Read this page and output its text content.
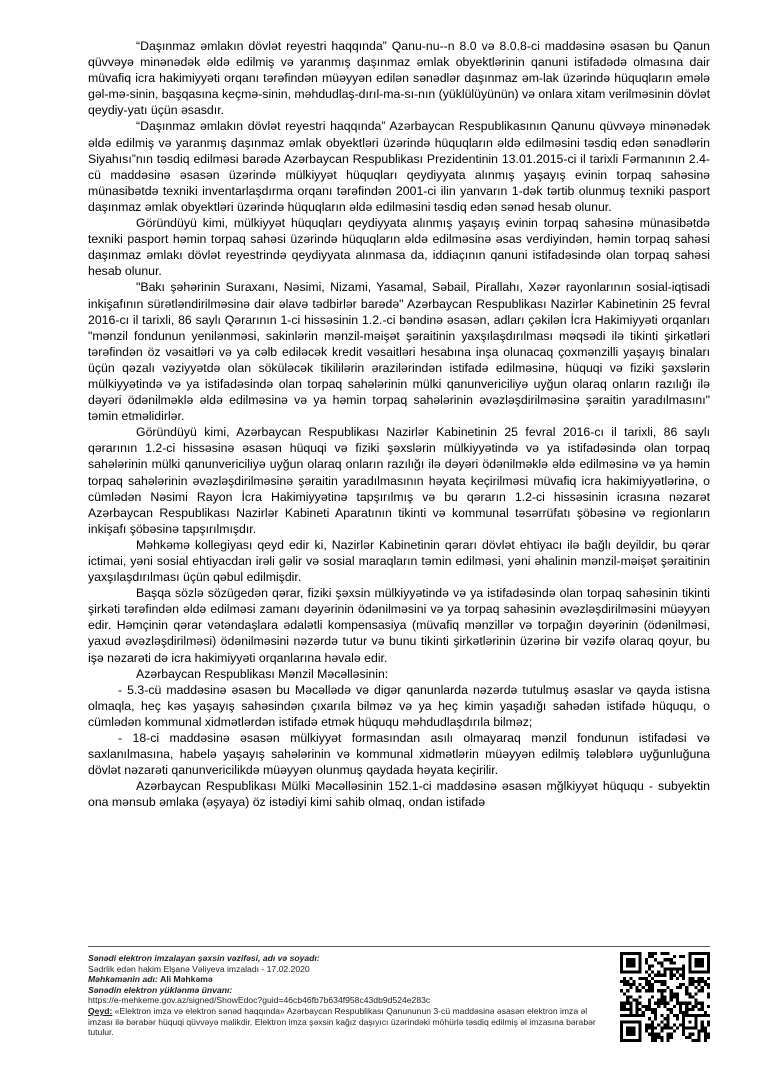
“Daşınmaz əmlakın dövlət reyestri haqqında” Qanu-nu--n 8.0 və 8.0.8-ci maddəsinə əsasən bu Qanun qüvvəyə minənədək əldə edilmiş və yaranmış daşınmaz əmlak obyektlərinin qanuni istifadədə olmasına dair müvafiq icra hakimiyyəti orqanı tərəfindən müəyyən edilən sənədlər daşınmaz əm-lak üzərində hüquqların əmələ gəl-mə-sinin, başqasına keçmə-sinin, məhdudlaş-dırıl-ma-sı-nın (yüklülüyünün) və onlara xitam verilməsinin dövlət qeydiy-yatı üçün əsasdır.

“Daşınmaz əmlakın dövlət reyestri haqqında” Azərbaycan Respublikasının Qanunu qüvvəyə minənədək əldə edilmiş və yaranmış daşınmaz əmlak obyektləri üzərində hüquqların əldə edilməsini təsdiq edən sənədlərin Siyahısı”nın təsdiq edilməsi barədə Azərbaycan Respublikası Prezidentinin 13.01.2015-ci il tarixli Fərmanının 2.4-cü maddəsinə əsasən üzərində mülkiyyət hüquqları qeydiyyata alınmış yaşayış evinin torpaq sahəsinə münasibətdə texniki inventarlaşdırma orqanı tərəfindən 2001-ci ilin yanvarın 1-dək tərtib olunmuş texniki pasport daşınmaz əmlak obyektləri üzərində hüquqların əldə edilməsini təsdiq edən sənəd hesab olunur.

Göründüyü kimi, mülkiyyət hüquqları qeydiyyata alınmış yaşayış evinin torpaq sahəsinə münasibətdə texniki pasport həmin torpaq sahəsi üzərində hüquqların əldə edilməsinə əsas verdiyindən, həmin torpaq sahəsi daşınmaz əmlakı dövlət reyestrində qeydiyyata alınmasa da, iddiaçının qanuni istifadəsində olan torpaq sahəsi hesab olunur.

"Bakı şəhərinin Suraxanı, Nəsimi, Nizami, Yasamal, Səbail, Pirallahı, Xəzər rayonlarının sosial-iqtisadi inkişafının sürətləndirilməsinə dair əlavə tədbirlər barədə" Azərbaycan Respublikası Nazirlər Kabinetinin 25 fevral 2016-cı il tarixli, 86 saylı Qərarının 1-ci hissəsinin 1.2.-ci bəndinə əsasən, adları çəkilən İcra Hakimiyyəti orqanları "mənzil fondunun yenilənməsi, sakinlərin mənzil-məişət şəraitinin yaxşılaşdırılması məqsədi ilə tikinti şirkətləri tərəfindən öz vəsaitləri və ya cəlb ediləcək kredit vəsaitləri hesabına inşa olunacaq çoxmənzilli yaşayış binaları üçün qəzalı vəziyyətdə olan söküləcək tikililərin ərazilərindən istifadə edilməsinə, hüquqi və fiziki şəxslərin mülkiyyətində və ya istifadəsində olan torpaq sahələrinin mülki qanunvericiliyə uyğun olaraq onların razılığı ilə dəyəri ödənilməklə əldə edilməsinə və ya həmin torpaq sahələrinin əvəzləşdirilməsinə şəraitin yaradılmasını" təmin etməlidirlər.

Göründüyü kimi, Azərbaycan Respublikası Nazirlər Kabinetinin 25 fevral 2016-cı il tarixli, 86 saylı qərarının 1.2-ci hissəsinə əsasən hüquqi və fiziki şəxslərin mülkiyyətində və ya istifadəsində olan torpaq sahələrinin mülki qanunvericiliyə uyğun olaraq onların razılığı ilə dəyəri ödənilməklə əldə edilməsinə və ya həmin torpaq sahələrinin əvəzləşdirilməsinə şəraitin yaradılmasının həyata keçirilməsi müvafiq icra hakimiyyətlərinə, o cümlədən Nəsimi Rayon İcra Hakimiyyətinə tapşırılmış və bu qərarın 1.2-ci hissəsinin icrasına nəzarət Azərbaycan Respublikası Nazirlər Kabineti Aparatının tikinti və kommunal təsərrüfatı şöbəsinə və regionların inkişafı şöbəsinə tapşırılmışdır.

Məhkəmə kollegiyası qeyd edir ki, Nazirlər Kabinetinin qərarı dövlət ehtiyacı ilə bağlı deyildir, bu qərar ictimai, yəni sosial ehtiyacdan irəli gəlir və sosial maraqların təmin edilməsi, yəni əhalinin mənzil-məişət şəraitinin yaxşılaşdırılması üçün qəbul edilmişdir.

Başqa sözlə sözügedən qərar, fiziki şəxsin mülkiyyətində və ya istifadəsində olan torpaq sahəsinin tikinti şirkəti tərəfindən əldə edilməsi zamanı dəyərinin ödənilməsini və ya torpaq sahəsinin əvəzləşdirilməsini müəyyən edir. Həmçinin qərar vətəndaşlara ədalətli kompensasiya (müvafiq mənzillər və torpağın dəyərinin (ödənilməsi, yaxud əvəzləşdirilməsi) ödənilməsini nəzərdə tutur və bunu tikinti şirkətlərinin üzərinə bir vəzifə olaraq qoyur, bu işə nəzarəti də icra hakimiyyəti orqanlarına həvalə edir.

Azərbaycan Respublikası Mənzil Məcəlləsinin:

- 5.3-cü maddəsinə əsasən bu Məcəllədə və digər qanunlarda nəzərdə tutulmuş əsaslar və qayda istisna olmaqla, heç kəs yaşayış sahəsindən çıxarıla bilməz və ya heç kimin yaşadığı sahədən istifadə hüququ, o cümlədən kommunal xidmətlərdən istifadə etmək hüququ məhdudlaşdırıla bilməz;

- 18-ci maddəsinə əsasən mülkiyyət formasından asılı olmayaraq mənzil fondunun istifadəsi və saxlanılmasına, habelə yaşayış sahələrinin və kommunal xidmətlərin müəyyən edilmiş tələblərə uyğunluğuna dövlət nəzarəti qanunvericilikdə müəyyən olunmuş qaydada həyata keçirilir.

Azərbaycan Respublikası Mülki Məcəlləsinin 152.1-ci maddəsinə əsasən mğlkiyyət hüququ - subyektin ona mənsub əmlaka (əşyaya) öz istədiyi kimi sahib olmaq, ondan istifadə

Sənədi elektron imzalayan şəxsin vəzifəsi, adı və soyadı:
Sədrlik edən hakim Elşanə Vəliyeva imzaladı - 17.02.2020
Məhkəmənin adı: Ali Məhkəmə
Sənədin elektron yüklənmə ünvanı:
https://e-mehkeme.gov.az/signed/ShowEdoc?guid=46cb46fb7b634f958c43db9d524e283c
Qeyd: «Elektron imza və elektron sənəd haqqında» Azərbaycan Respublikası Qanununun 3-cü maddəsinə əsasən elektron imza əl imzası ilə bərabər hüquqi qüvvəyə malikdir. Elektron imza şəxsin kağız daşıyıcı üzərindəki möhürlə təsdiq edilmiş əl imzasına bərabər tutulur.
